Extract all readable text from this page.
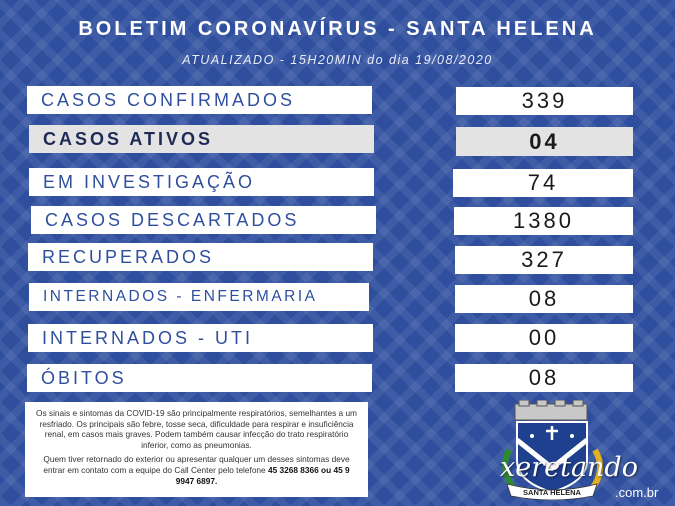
BOLETIM CORONAVÍRUS - SANTA HELENA
ATUALIZADO - 15H20MIN do dia 19/08/2020
CASOS CONFIRMADOS	339
CASOS ATIVOS	04
EM INVESTIGAÇÃO	74
CASOS DESCARTADOS	1380
RECUPERADOS	327
INTERNADOS - ENFERMARIA	08
INTERNADOS - UTI	00
ÓBITOS	08

Os sinais e sintomas da COVID-19 são principalmente respiratórios, semelhantes a um resfriado. Os principais são febre, tosse seca, dificuldade para respirar e insuficiência renal, em casos mais graves. Podem também causar infecção do trato respiratório inferior, como as pneumonias.

Quem tiver retornado do exterior ou apresentar qualquer um desses sintomas deve entrar em contato com a equipe do Call Center pelo telefone 45 3268 8366 ou 45 9 9947 6897.

SANTA HELENA
xeretando
.com.br
